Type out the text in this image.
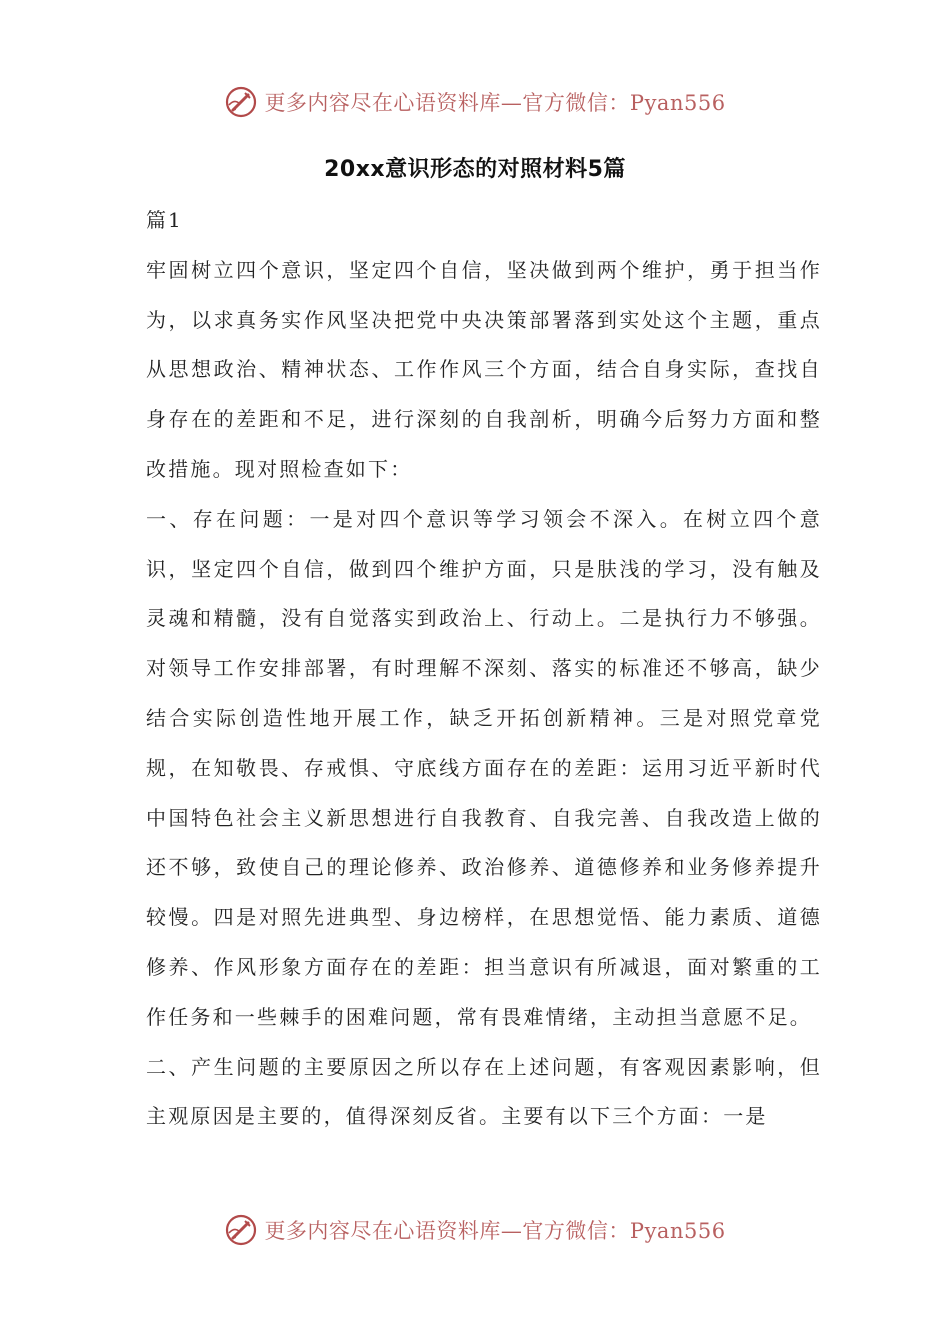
更多内容尽在心语资料库—官方微信：Pyan556
20xx意识形态的对照材料5篇

篇1

牢固树立四个意识，坚定四个自信，坚决做到两个维护，勇于担当作为，以求真务实作风坚决把党中央决策部署落到实处这个主题，重点从思想政治、精神状态、工作作风三个方面，结合自身实际，查找自身存在的差距和不足，进行深刻的自我剖析，明确今后努力方面和整改措施。现对照检查如下：

一、存在问题：一是对四个意识等学习领会不深入。在树立四个意识，坚定四个自信，做到四个维护方面，只是肤浅的学习，没有触及灵魂和精髓，没有自觉落实到政治上、行动上。二是执行力不够强。对领导工作安排部署，有时理解不深刻、落实的标准还不够高，缺少结合实际创造性地开展工作，缺乏开拓创新精神。三是对照党章党规，在知敬畏、存戒惧、守底线方面存在的差距：运用习近平新时代中国特色社会主义新思想进行自我教育、自我完善、自我改造上做的还不够，致使自己的理论修养、政治修养、道德修养和业务修养提升较慢。四是对照先进典型、身边榜样，在思想觉悟、能力素质、道德修养、作风形象方面存在的差距：担当意识有所减退，面对繁重的工作任务和一些棘手的困难问题，常有畏难情绪，主动担当意愿不足。

二、产生问题的主要原因之所以存在上述问题，有客观因素影响，但主观原因是主要的，值得深刻反省。主要有以下三个方面：一是

更多内容尽在心语资料库—官方微信：Pyan556
